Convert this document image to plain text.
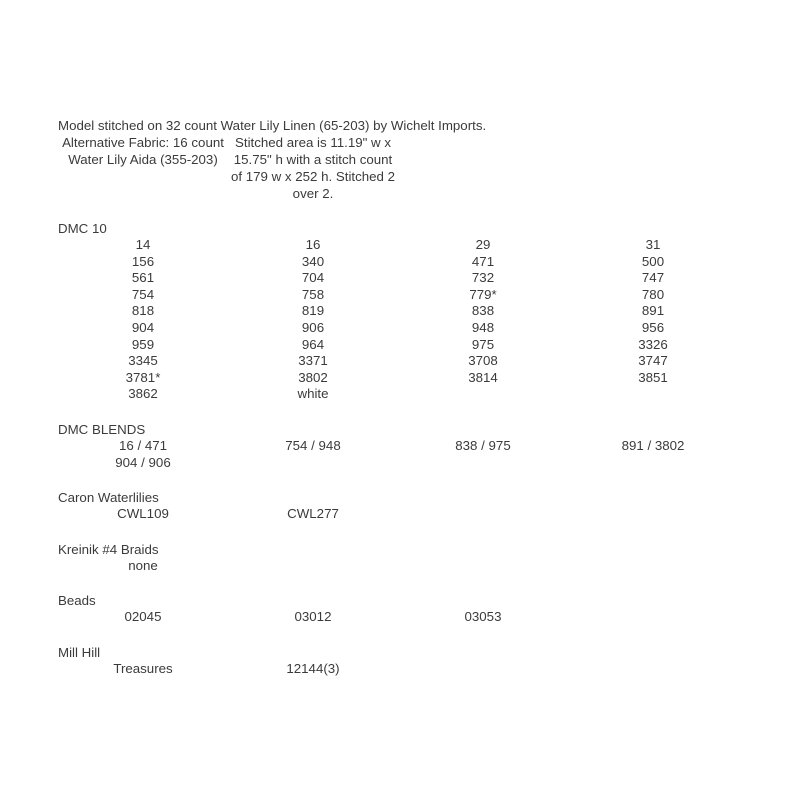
Model stitched on 32 count Water Lily Linen (65-203) by Wichelt Imports.
Alternative Fabric: 16 count
Water Lily Aida (355-203)
Stitched area is 11.19" w x
15.75" h with a stitch count
of 179 w x 252 h. Stitched 2
over 2.
DMC 10
14	16	29	31
156	340	471	500
561	704	732	747
754	758	779*	780
818	819	838	891
904	906	948	956
959	964	975	3326
3345	3371	3708	3747
3781*	3802	3814	3851
3862	white
DMC BLENDS
16 / 471	754 / 948	838 / 975	891 / 3802
904 / 906
Caron Waterlilies
CWL109	CWL277
Kreinik #4 Braids
none
Beads
02045	03012	03053
Mill Hill
Treasures	12144(3)
